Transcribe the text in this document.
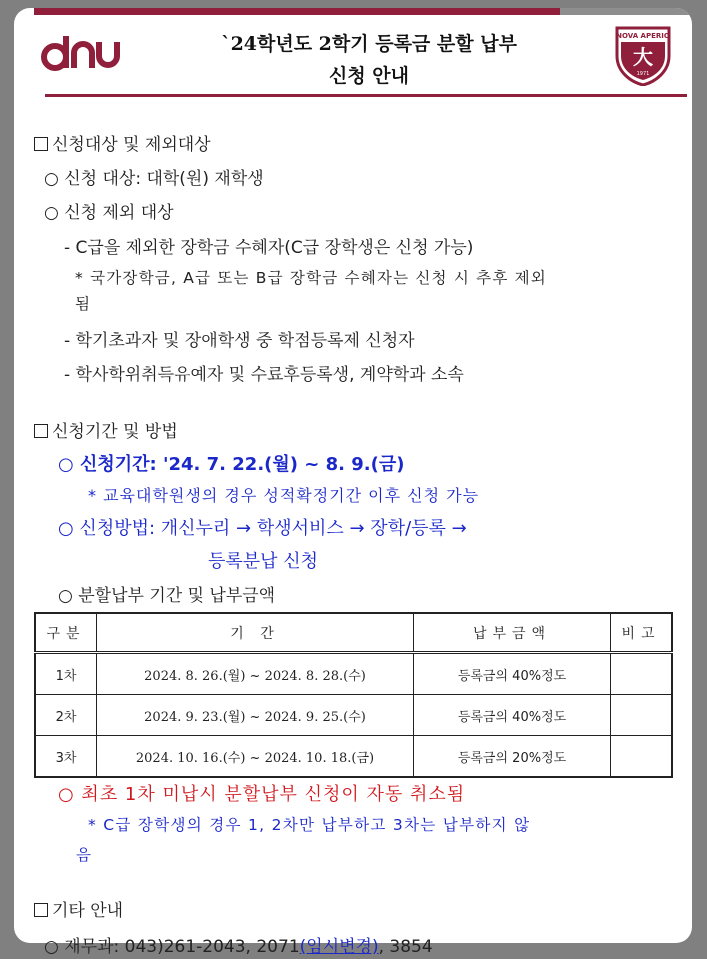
dnu	`24학년도 2학기 등록금 분할 납부
신청 안내
NOVA APERIO
大
1971
신청대상 및 제외대상
○ 신청 대상: 대학(원) 재학생
○ 신청 제외 대상
- C급을 제외한 장학금 수혜자(C급 장학생은 신청 가능)
* 국가장학금, A급 또는 B급 장학금 수혜자는 신청 시 추후 제외
됨
- 학기초과자 및 장애학생 중 학점등록제 신청자
- 학사학위취득유예자 및 수료후등록생, 계약학과 소속
신청기간 및 방법
○ 신청기간: '24. 7. 22.(월) ~ 8. 9.(금)
* 교육대학원생의 경우 성적확정기간 이후 신청 가능
○ 신청방법: 개신누리 → 학생서비스 → 장학/등록 →
등록분납 신청
○ 분할납부 기간 및 납부금액
구분	기 간	납부금액	비고
1차	2024. 8. 26.(월) ~ 2024. 8. 28.(수)	등록금의 40%정도	
2차	2024. 9. 23.(월) ~ 2024. 9. 25.(수)	등록금의 40%정도	
3차	2024. 10. 16.(수) ~ 2024. 10. 18.(금)	등록금의 20%정도	
○ 최초 1차 미납시 분할납부 신청이 자동 취소됨
* C급 장학생의 경우 1, 2차만 납부하고 3차는 납부하지 않
음
기타 안내
○ 재무과: 043)261-2043, 2071(임시변경), 3854
